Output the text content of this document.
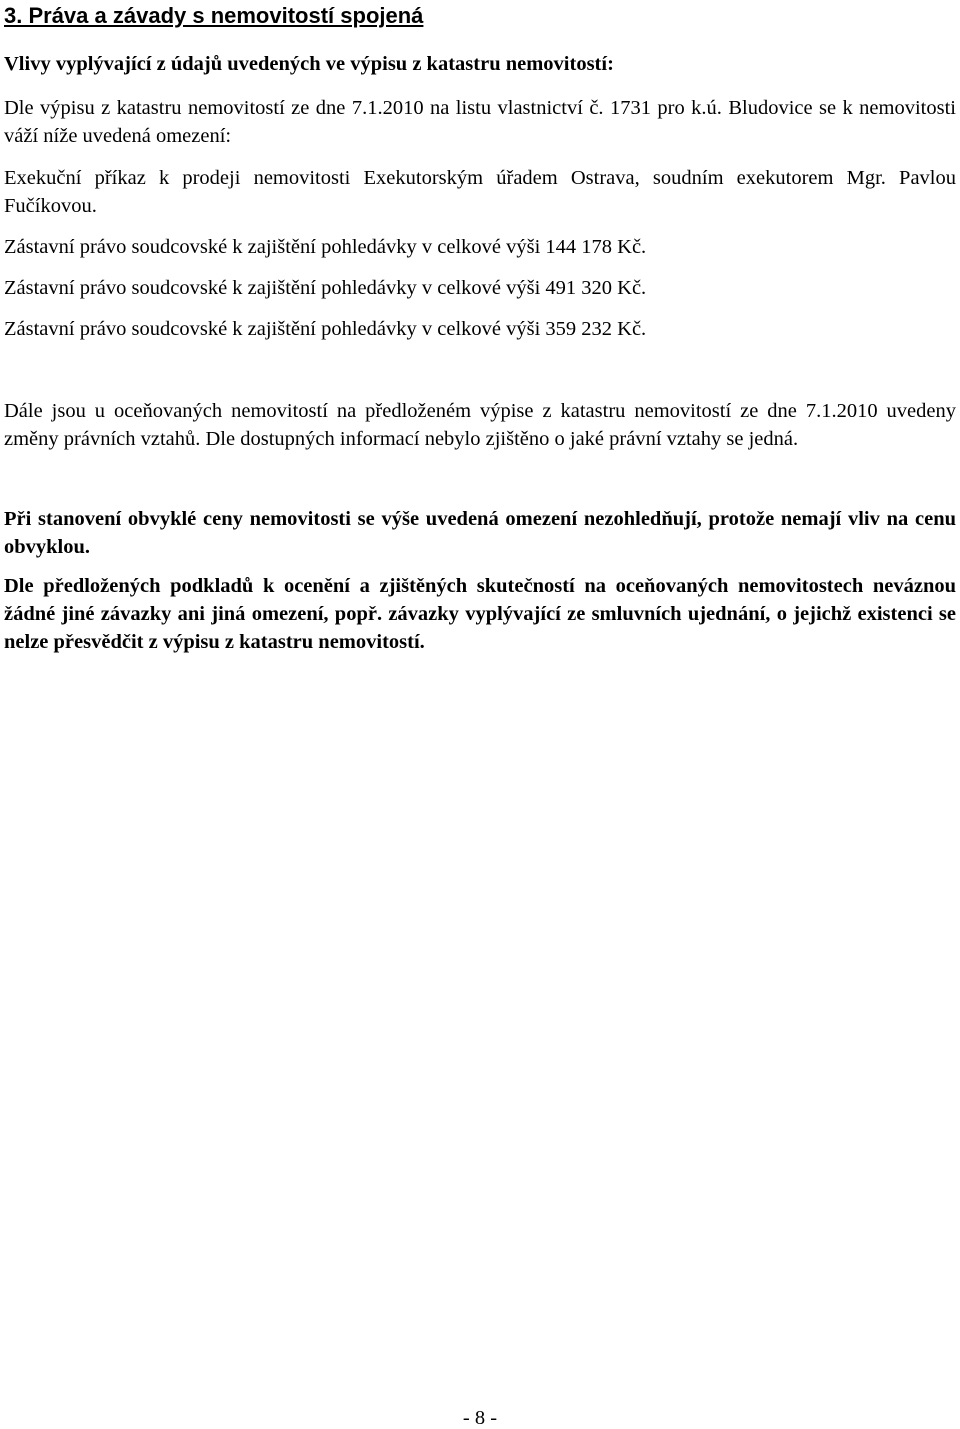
3. Práva a závady s nemovitostí spojená

Vlivy vyplývající z údajů uvedených ve výpisu z katastru nemovitostí:

Dle výpisu z katastru nemovitostí ze dne 7.1.2010 na listu vlastnictví č. 1731 pro k.ú. Bludovice se k nemovitosti váží níže uvedená omezení:

Exekuční příkaz k prodeji nemovitosti Exekutorským úřadem Ostrava, soudním exekutorem Mgr. Pavlou Fučíkovou.

Zástavní právo soudcovské k zajištění pohledávky v celkové výši 144 178 Kč.

Zástavní právo soudcovské k zajištění pohledávky v celkové výši 491 320 Kč.

Zástavní právo soudcovské k zajištění pohledávky v celkové výši 359 232 Kč.

Dále jsou u oceňovaných nemovitostí na předloženém výpise z katastru nemovitostí ze dne 7.1.2010 uvedeny změny právních vztahů. Dle dostupných informací nebylo zjištěno o jaké právní vztahy se jedná.

Při stanovení obvyklé ceny nemovitosti se výše uvedená omezení nezohledňují, protože nemají vliv na cenu obvyklou.

Dle předložených podkladů k ocenění a zjištěných skutečností na oceňovaných nemovitostech neváznou žádné jiné závazky ani jiná omezení, popř. závazky vyplývající ze smluvních ujednání, o jejichž existenci se nelze přesvědčit z výpisu z katastru nemovitostí.

- 8 -
